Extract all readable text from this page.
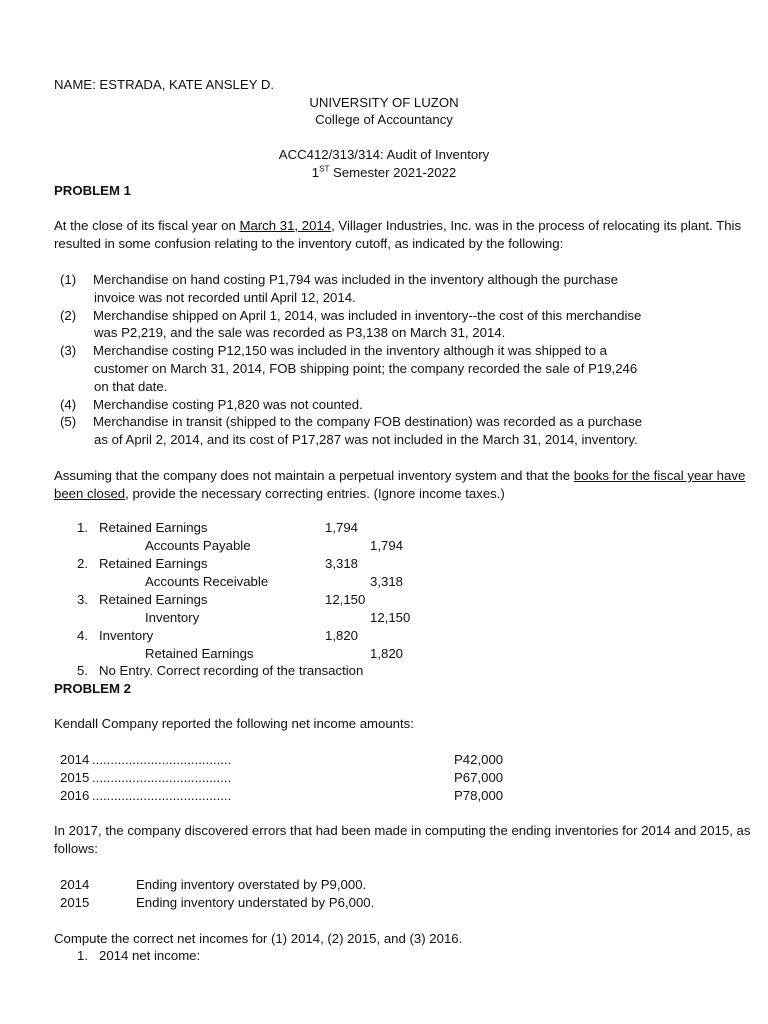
NAME: ESTRADA, KATE ANSLEY D.
UNIVERSITY OF LUZON
College of Accountancy
ACC412/313/314: Audit of Inventory
1ST Semester 2021-2022
PROBLEM 1
At the close of its fiscal year on March 31, 2014, Villager Industries, Inc. was in the process of relocating its plant. This
resulted in some confusion relating to the inventory cutoff, as indicated by the following:
(1) Merchandise on hand costing P1,794 was included in the inventory although the purchase
invoice was not recorded until April 12, 2014.
(2) Merchandise shipped on April 1, 2014, was included in inventory--the cost of this merchandise
was P2,219, and the sale was recorded as P3,138 on March 31, 2014.
(3) Merchandise costing P12,150 was included in the inventory although it was shipped to a
customer on March 31, 2014, FOB shipping point; the company recorded the sale of P19,246
on that date.
(4) Merchandise costing P1,820 was not counted.
(5) Merchandise in transit (shipped to the company FOB destination) was recorded as a purchase
as of April 2, 2014, and its cost of P17,287 was not included in the March 31, 2014, inventory.
Assuming that the company does not maintain a perpetual inventory system and that the books for the fiscal year have
been closed, provide the necessary correcting entries. (Ignore income taxes.)
1. Retained Earnings	1,794
Accounts Payable	1,794
2. Retained Earnings	3,318
Accounts Receivable	3,318
3. Retained Earnings	12,150
Inventory	12,150
4. Inventory	1,820
Retained Earnings	1,820
5. No Entry. Correct recording of the transaction
PROBLEM 2
Kendall Company reported the following net income amounts:
2014 ......................................	P42,000
2015 ......................................	P67,000
2016 ......................................	P78,000
In 2017, the company discovered errors that had been made in computing the ending inventories for 2014 and 2015, as
follows:
2014	Ending inventory overstated by P9,000.
2015	Ending inventory understated by P6,000.
Compute the correct net incomes for (1) 2014, (2) 2015, and (3) 2016.
1. 2014 net income:
